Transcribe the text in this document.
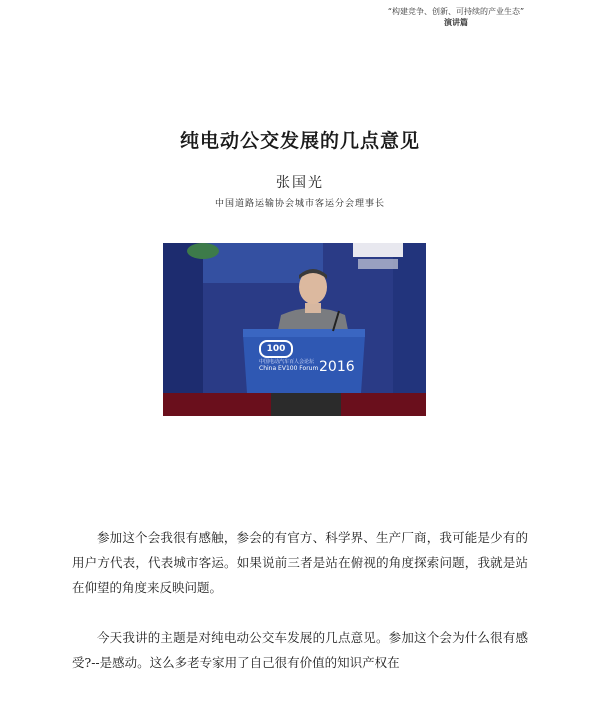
“构建竞争、创新、可持续的产业生态”
演讲篇
纯电动公交发展的几点意见
张国光
中国道路运输协会城市客运分会理事长
100
中国电动汽车百人会论坛
China EV100 Forum 2016

参加这个会我很有感触，参会的有官方、科学界、生产厂商，我可能是少有的用户方代表，代表城市客运。如果说前三者是站在俯视的角度探索问题，我就是站在仰望的角度来反映问题。

今天我讲的主题是对纯电动公交车发展的几点意见。参加这个会为什么很有感受?--是感动。这么多老专家用了自己很有价值的知识产权在
